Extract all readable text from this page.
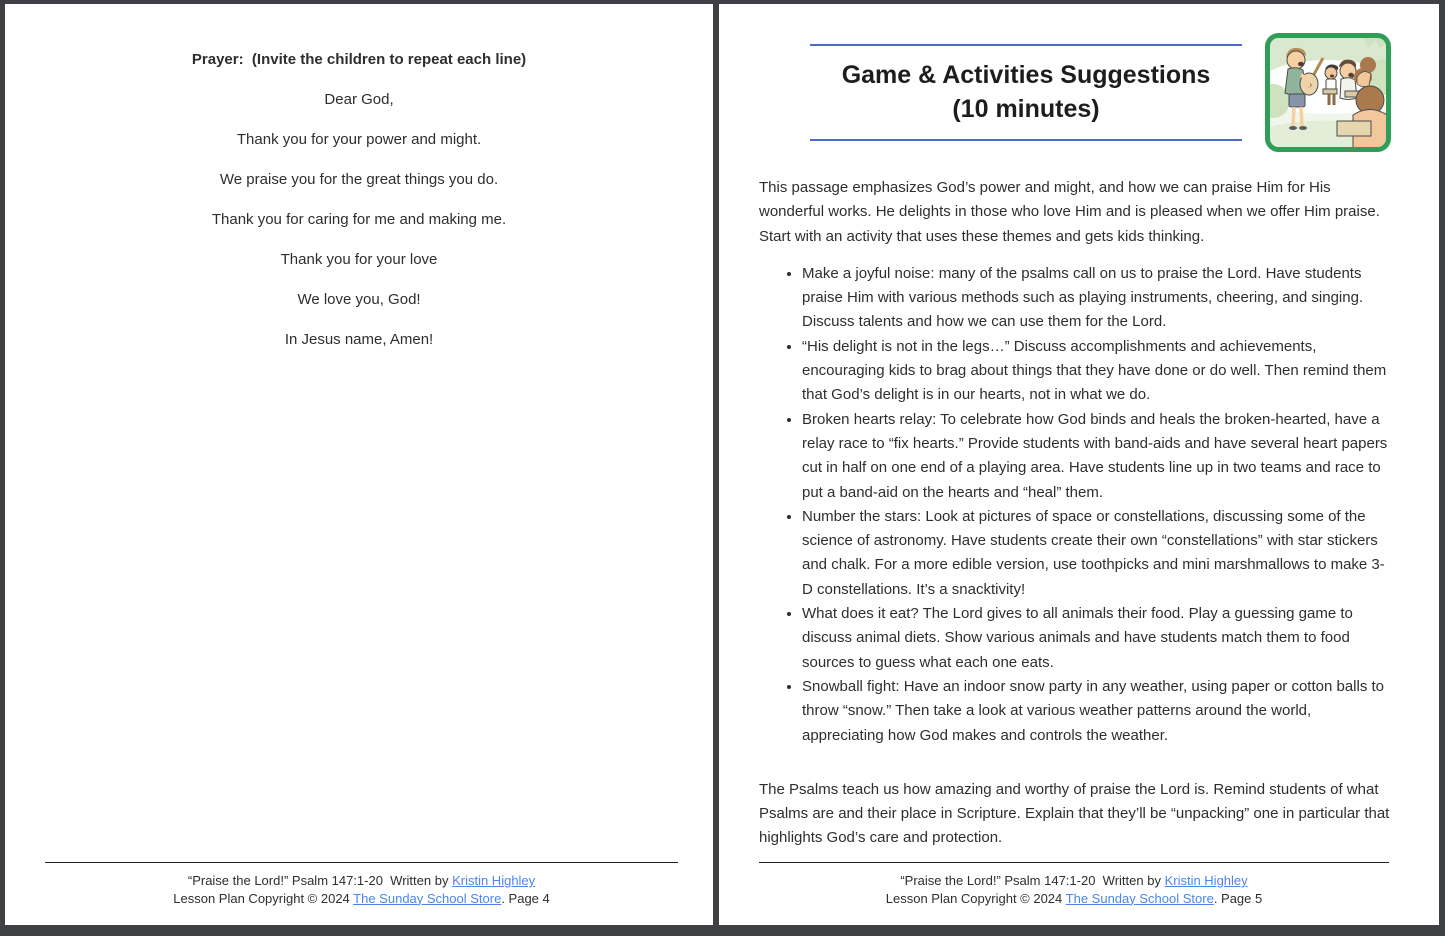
Prayer:  (Invite the children to repeat each line)

Dear God,

Thank you for your power and might.

We praise you for the great things you do.

Thank you for caring for me and making me.

Thank you for your love

We love you, God!

In Jesus name, Amen!

“Praise the Lord!” Psalm 147:1-20  Written by Kristin Highley

Lesson Plan Copyright © 2024 The Sunday School Store. Page 4

Game & Activities Suggestions
(10 minutes)

This passage emphasizes God’s power and might, and how we can praise Him for His wonderful works. He delights in those who love Him and is pleased when we offer Him praise. Start with an activity that uses these themes and gets kids thinking.

• Make a joyful noise: many of the psalms call on us to praise the Lord. Have students praise Him with various methods such as playing instruments, cheering, and singing. Discuss talents and how we can use them for the Lord.
• “His delight is not in the legs…” Discuss accomplishments and achievements, encouraging kids to brag about things that they have done or do well. Then remind them that God’s delight is in our hearts, not in what we do.
• Broken hearts relay: To celebrate how God binds and heals the broken-hearted, have a relay race to “fix hearts.” Provide students with band-aids and have several heart papers cut in half on one end of a playing area. Have students line up in two teams and race to put a band-aid on the hearts and “heal” them.
• Number the stars: Look at pictures of space or constellations, discussing some of the science of astronomy. Have students create their own “constellations” with star stickers and chalk. For a more edible version, use toothpicks and mini marshmallows to make 3-D constellations. It’s a snacktivity!
• What does it eat? The Lord gives to all animals their food. Play a guessing game to discuss animal diets. Show various animals and have students match them to food sources to guess what each one eats.
• Snowball fight: Have an indoor snow party in any weather, using paper or cotton balls to throw “snow.” Then take a look at various weather patterns around the world, appreciating how God makes and controls the weather.

The Psalms teach us how amazing and worthy of praise the Lord is. Remind students of what Psalms are and their place in Scripture. Explain that they’ll be “unpacking” one in particular that highlights God’s care and protection.

“Praise the Lord!” Psalm 147:1-20  Written by Kristin Highley

Lesson Plan Copyright © 2024 The Sunday School Store. Page 5
